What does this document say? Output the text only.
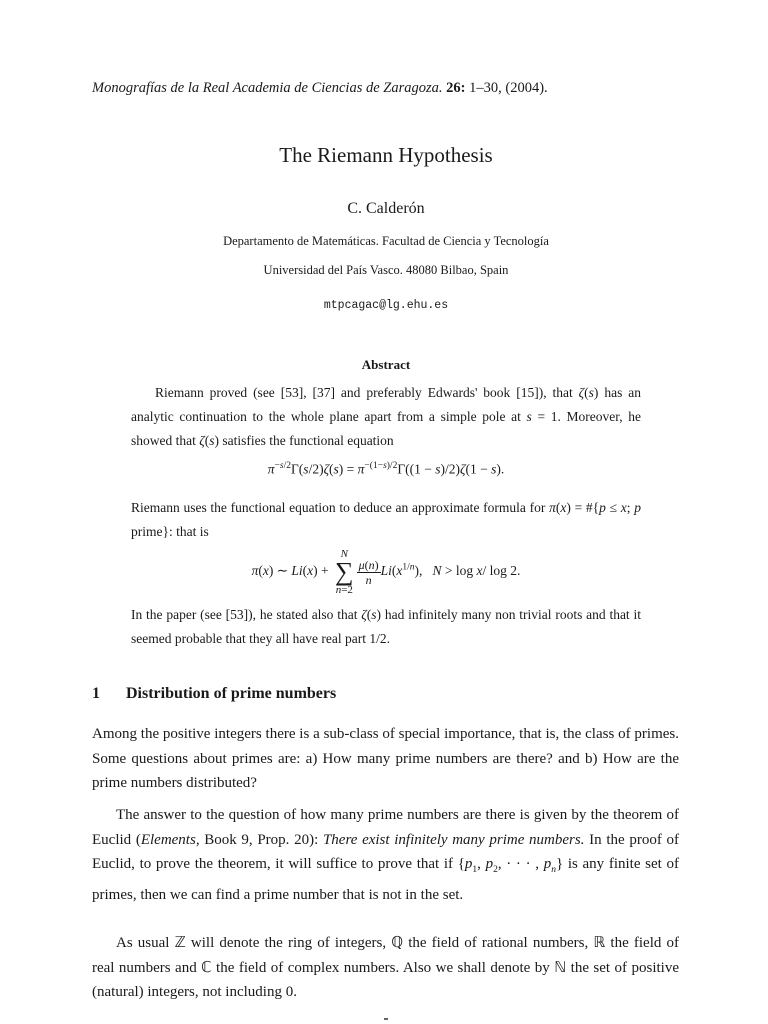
Monografías de la Real Academia de Ciencias de Zaragoza. 26: 1–30, (2004).
The Riemann Hypothesis
C. Calderón
Departamento de Matemáticas. Facultad de Ciencia y Tecnología
Universidad del País Vasco. 48080 Bilbao, Spain
mtpcagac@lg.ehu.es
Abstract
Riemann proved (see [53], [37] and preferably Edwards' book [15]), that ζ(s) has an analytic continuation to the whole plane apart from a simple pole at s = 1. Moreover, he showed that ζ(s) satisfies the functional equation
$\pi^{-s/2}\Gamma(s/2)\zeta(s) = \pi^{-(1-s)/2}\Gamma((1 - s)/2)\zeta(1 - s)$.
Riemann uses the functional equation to deduce an approximate formula for π(x) = #{p ≤ x; p prime}: that is
π(x) ∼ Li(x) + N
∑
n=2
$\frac{\mu(n)}{n} Li(x^{1/n})$,   N > log x/ log 2.
In the paper (see [53]), he stated also that ζ(s) had infinitely many non trivial roots and that it seemed probable that they all have real part 1/2.
1 Distribution of prime numbers
Among the positive integers there is a sub-class of special importance, that is, the class of primes. Some questions about primes are: a) How many prime numbers are there? and b) How are the prime numbers distributed?
The answer to the question of how many prime numbers are there is given by the theorem of Euclid (Elements, Book 9, Prop. 20): There exist infinitely many prime numbers. In the proof of Euclid, to prove the theorem, it will suffice to prove that if {$p_1$, $p_2$, · · · , $p_n$} is any finite set of primes, then we can find a prime number that is not in the set.
As usual ℤ will denote the ring of integers, ℚ the field of rational numbers, ℝ the field of real numbers and ℂ the field of complex numbers. Also we shall denote by ℕ the set of positive (natural) integers, not including 0.
